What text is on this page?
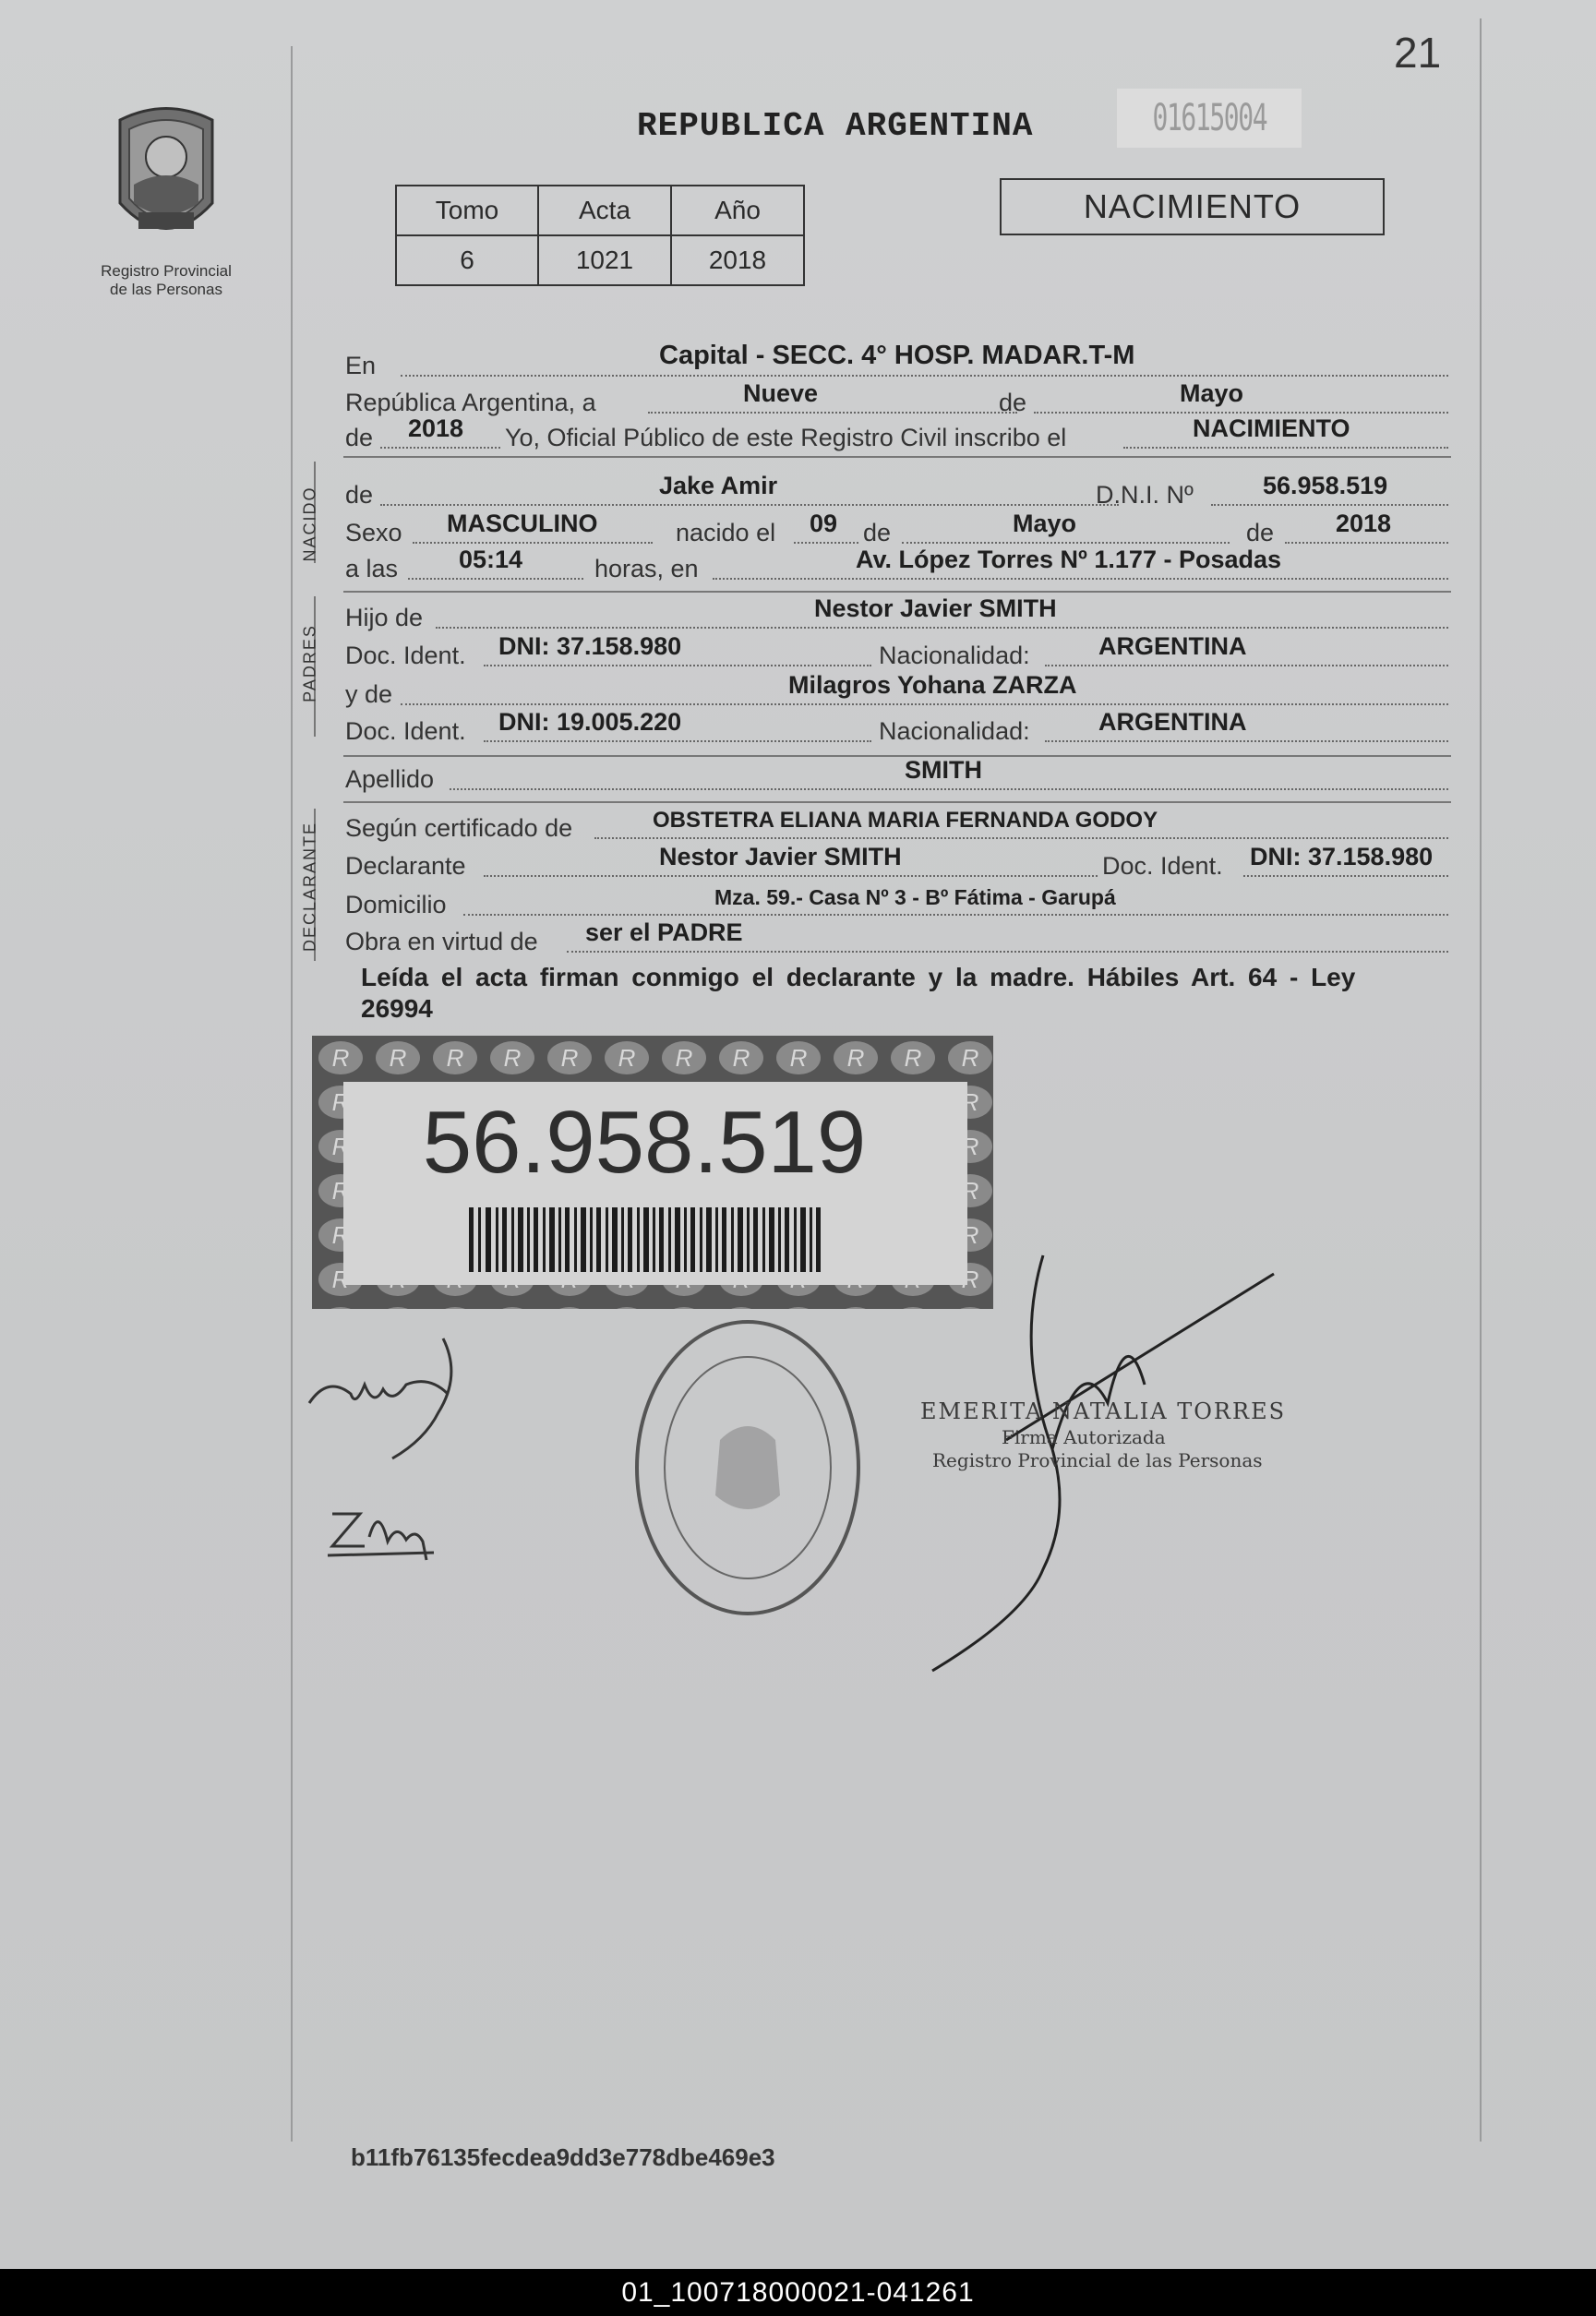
21
Registro Provincial
de las Personas
REPUBLICA ARGENTINA	01615004
Tomo	Acta	Año
6	1021	2018
NACIMIENTO
En	Capital - SECC. 4° HOSP. MADAR.T-M
República Argentina, a	Nueve	de	Mayo
de 2018 Yo, Oficial Público de este Registro Civil inscribo el	NACIMIENTO
NACIDO de	Jake Amir	D.N.I. Nº	56.958.519
Sexo MASCULINO	nacido el 09 de	Mayo	de 2018
a las 05:14	horas, en	Av. López Torres Nº 1.177 - Posadas
PADRES
Hijo de	Nestor Javier SMITH
Doc. Ident. DNI: 37.158.980	Nacionalidad:	ARGENTINA
y de	Milagros Yohana ZARZA
Doc. Ident. DNI: 19.005.220	Nacionalidad:	ARGENTINA
Apellido	SMITH
DECLARANTE Según certificado de	OBSTETRA ELIANA MARIA FERNANDA GODOY
Declarante	Nestor Javier SMITH	Doc. Ident. DNI: 37.158.980
Domicilio	Mza. 59.- Casa Nº 3 - Bº Fátima - Garupá
Obra en virtud de ser el PADRE
Leída el acta firman conmigo el declarante y la madre. Hábiles Art. 64 - Ley 26994
56.958.519
EMERITA NATALIA TORRES
Firma Autorizada
Registro Provincial de las Personas
b11fb76135fecdea9dd3e778dbe469e3
01_100718000021-041261
